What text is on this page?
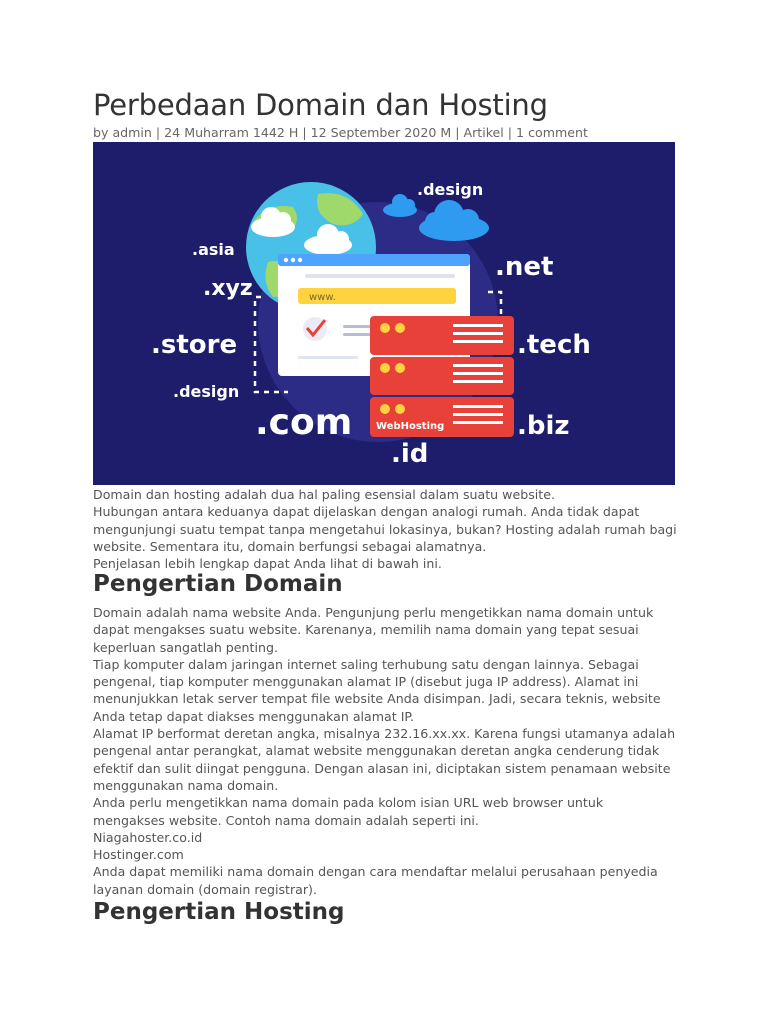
Perbedaan Domain dan Hosting
by admin | 24 Muharram 1442 H | 12 September 2020 M | Artikel | 1 comment
www.
WebHosting
.design
.asia
.xyz
.net
.store	.tech
.design
.com	.biz
.id

Domain dan hosting adalah dua hal paling esensial dalam suatu website.

Hubungan antara keduanya dapat dijelaskan dengan analogi rumah. Anda tidak dapat mengunjungi suatu tempat tanpa mengetahui lokasinya, bukan? Hosting adalah rumah bagi website. Sementara itu, domain berfungsi sebagai alamatnya.

Penjelasan lebih lengkap dapat Anda lihat di bawah ini.

Pengertian Domain

Domain adalah nama website Anda. Pengunjung perlu mengetikkan nama domain untuk dapat mengakses suatu website. Karenanya, memilih nama domain yang tepat sesuai keperluan sangatlah penting.

Tiap komputer dalam jaringan internet saling terhubung satu dengan lainnya. Sebagai pengenal, tiap komputer menggunakan alamat IP (disebut juga IP address). Alamat ini menunjukkan letak server tempat file website Anda disimpan. Jadi, secara teknis, website Anda tetap dapat diakses menggunakan alamat IP.

Alamat IP berformat deretan angka, misalnya 232.16.xx.xx. Karena fungsi utamanya adalah pengenal antar perangkat, alamat website menggunakan deretan angka cenderung tidak efektif dan sulit diingat pengguna. Dengan alasan ini, diciptakan sistem penamaan website menggunakan nama domain.

Anda perlu mengetikkan nama domain pada kolom isian URL web browser untuk mengakses website. Contoh nama domain adalah seperti ini.

Niagahoster.co.id

Hostinger.com

Anda dapat memiliki nama domain dengan cara mendaftar melalui perusahaan penyedia layanan domain (domain registrar).

Pengertian Hosting
